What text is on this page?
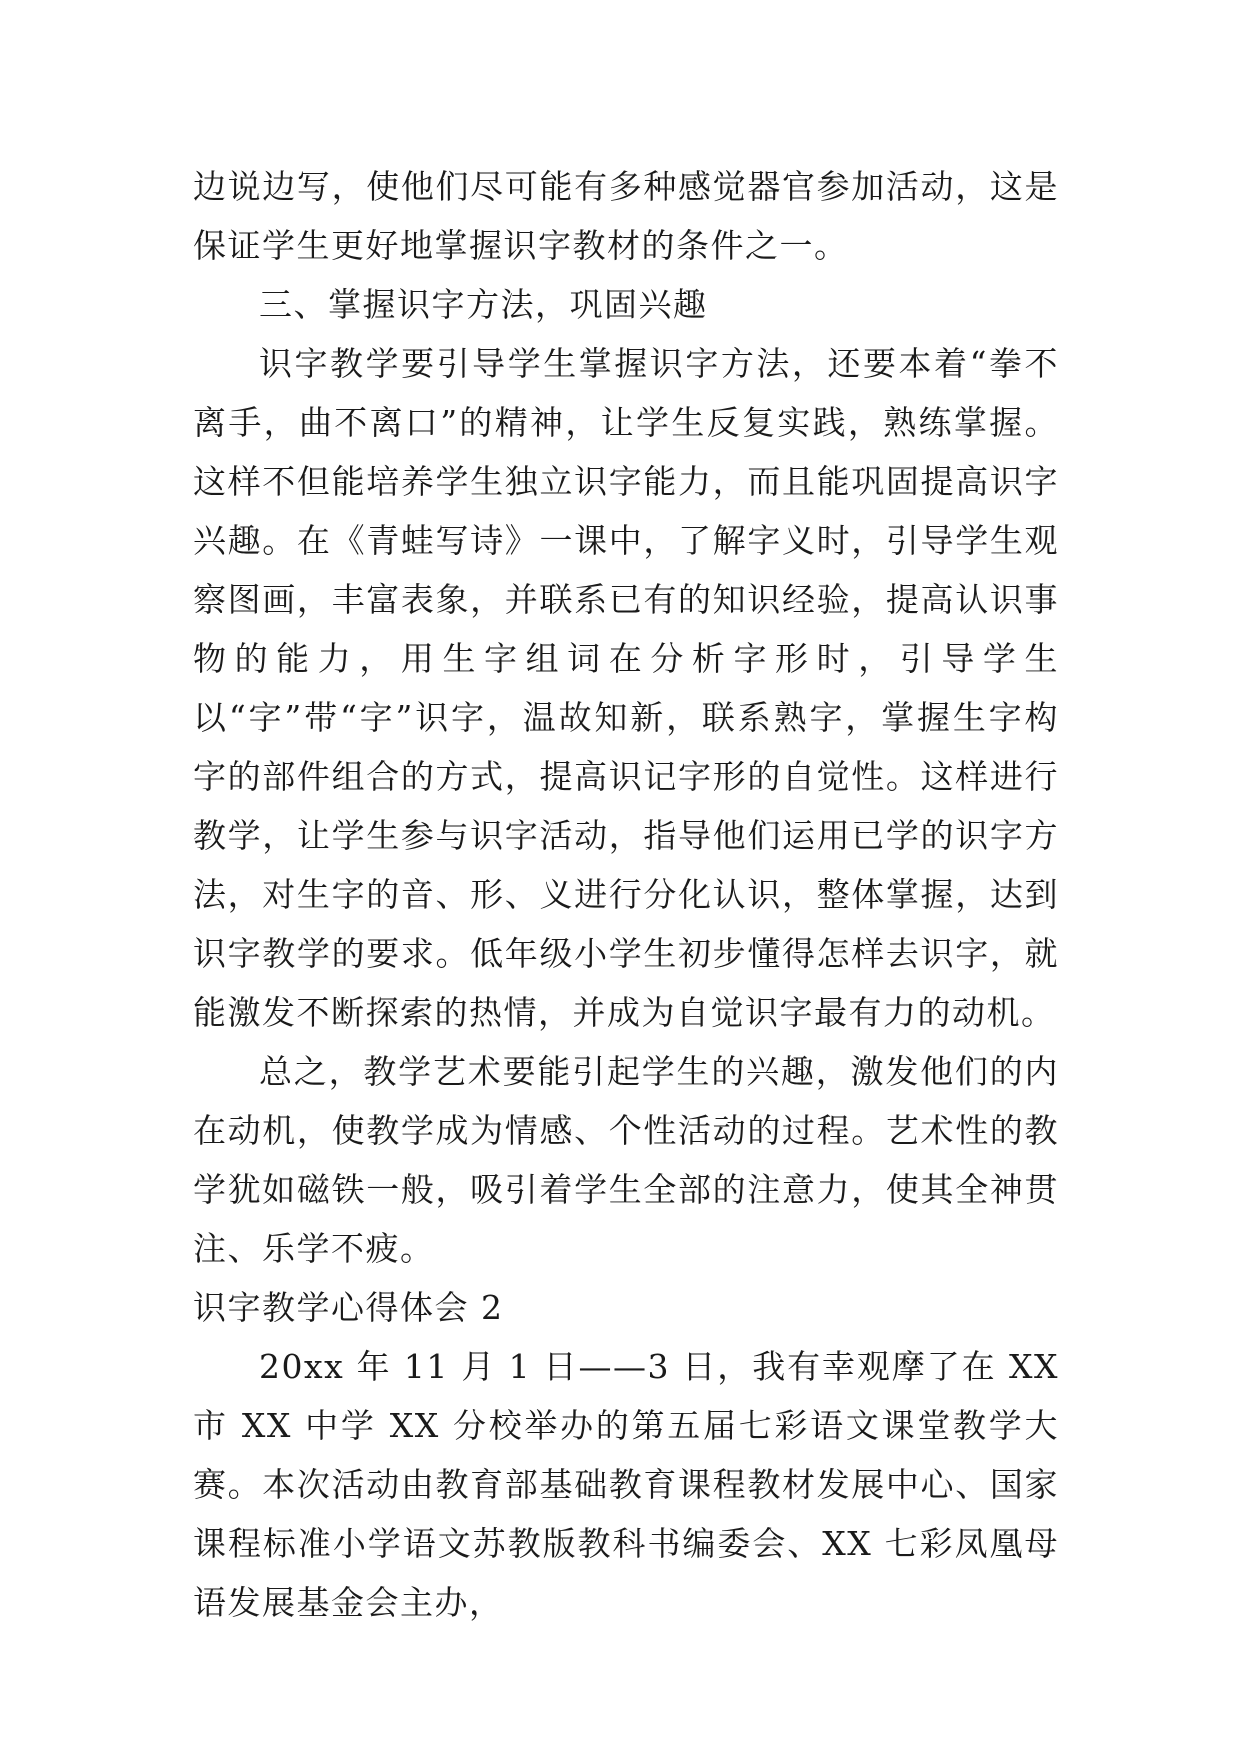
边说边写，使他们尽可能有多种感觉器官参加活动，这是保证学生更好地掌握识字教材的条件之一。

三、掌握识字方法，巩固兴趣

识字教学要引导学生掌握识字方法，还要本着“拳不离手，曲不离口”的精神，让学生反复实践，熟练掌握。这样不但能培养学生独立识字能力，而且能巩固提高识字兴趣。在《青蛙写诗》一课中，了解字义时，引导学生观察图画，丰富表象，并联系已有的知识经验，提高认识事物的能力，用生字组词在分析字形时，引导学生以“字”带“字”识字，温故知新，联系熟字，掌握生字构字的部件组合的方式，提高识记字形的自觉性。这样进行教学，让学生参与识字活动，指导他们运用已学的识字方法，对生字的音、形、义进行分化认识，整体掌握，达到识字教学的要求。低年级小学生初步懂得怎样去识字，就能激发不断探索的热情，并成为自觉识字最有力的动机。

总之，教学艺术要能引起学生的兴趣，激发他们的内在动机，使教学成为情感、个性活动的过程。艺术性的教学犹如磁铁一般，吸引着学生全部的注意力，使其全神贯注、乐学不疲。

识字教学心得体会 2

20xx 年 11 月 1 日——3 日，我有幸观摩了在 XX 市 XX 中学 XX 分校举办的第五届七彩语文课堂教学大赛。本次活动由教育部基础教育课程教材发展中心、国家课程标准小学语文苏教版教科书编委会、XX 七彩凤凰母语发展基金会主办，
